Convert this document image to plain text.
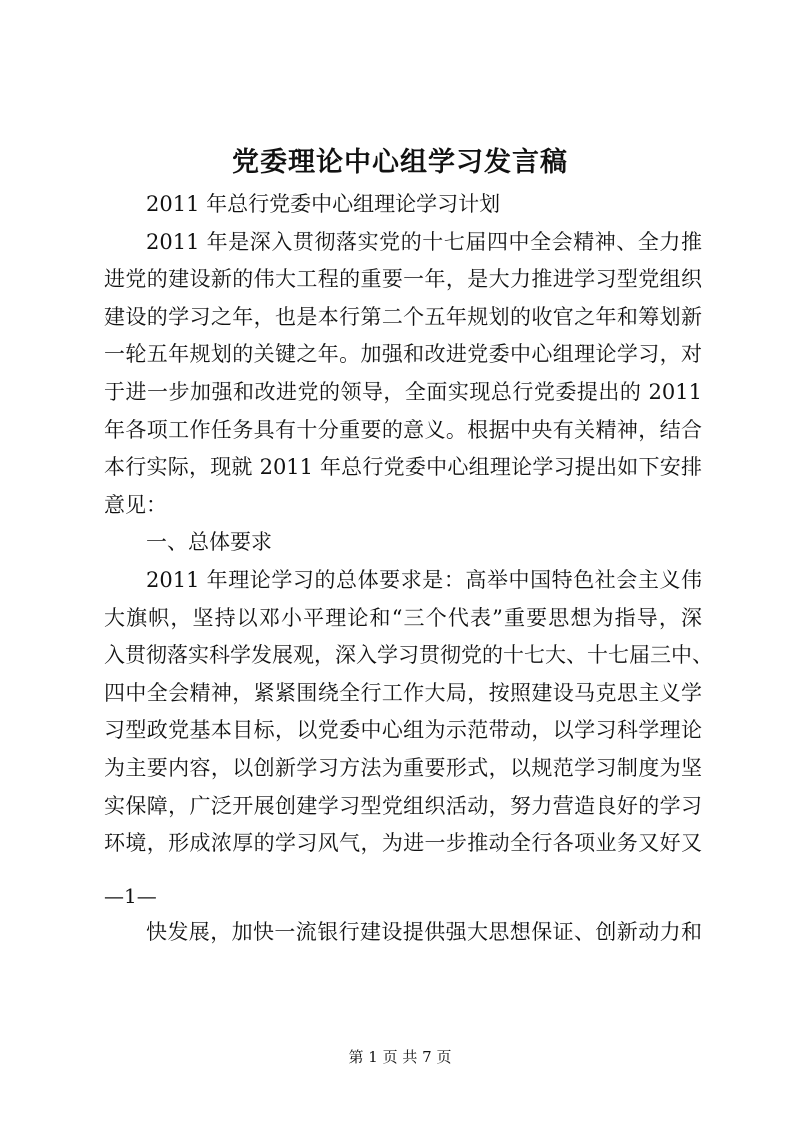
党委理论中心组学习发言稿
2011 年总行党委中心组理论学习计划
2011 年是深入贯彻落实党的十七届四中全会精神、全力推
进党的建设新的伟大工程的重要一年，是大力推进学习型党组织
建设的学习之年，也是本行第二个五年规划的收官之年和筹划新
一轮五年规划的关键之年。加强和改进党委中心组理论学习，对
于进一步加强和改进党的领导，全面实现总行党委提出的 2011
年各项工作任务具有十分重要的意义。根据中央有关精神，结合
本行实际，现就 2011 年总行党委中心组理论学习提出如下安排
意见：
一、总体要求
2011 年理论学习的总体要求是：高举中国特色社会主义伟
大旗帜，坚持以邓小平理论和“三个代表”重要思想为指导，深
入贯彻落实科学发展观，深入学习贯彻党的十七大、十七届三中、
四中全会精神，紧紧围绕全行工作大局，按照建设马克思主义学
习型政党基本目标，以党委中心组为示范带动，以学习科学理论
为主要内容，以创新学习方法为重要形式，以规范学习制度为坚
实保障，广泛开展创建学习型党组织活动，努力营造良好的学习
环境，形成浓厚的学习风气，为进一步推动全行各项业务又好又
—1—
快发展，加快一流银行建设提供强大思想保证、创新动力和
第 1 页 共 7 页
